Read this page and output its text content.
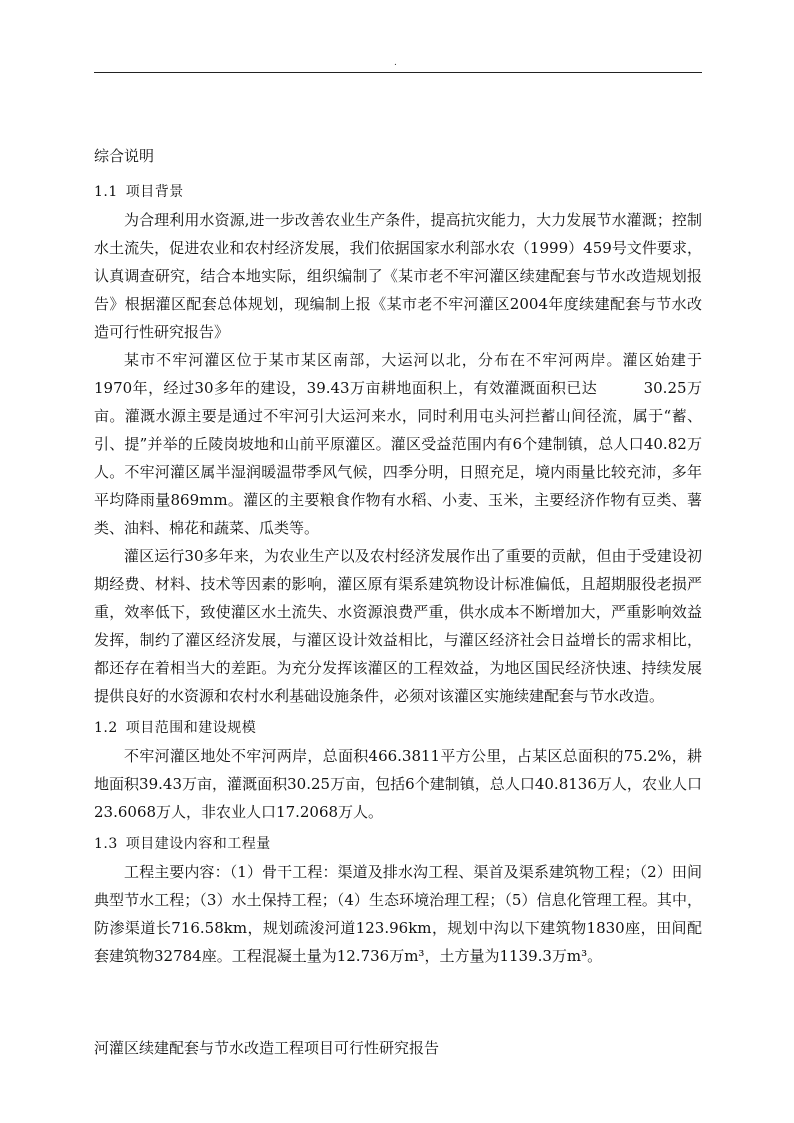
.
综合说明
1.1 项目背景

为合理利用水资源,进一步改善农业生产条件，提高抗灾能力，大力发展节水灌溉；控制水土流失，促进农业和农村经济发展，我们依据国家水利部水农（1999）459号文件要求，认真调查研究，结合本地实际，组织编制了《某市老不牢河灌区续建配套与节水改造规划报告》根据灌区配套总体规划，现编制上报《某市老不牢河灌区2004年度续建配套与节水改造可行性研究报告》

某市不牢河灌区位于某市某区南部，大运河以北，分布在不牢河两岸。灌区始建于1970年，经过30多年的建设，39.43万亩耕地面积上，有效灌溉面积已达　　　30.25万亩。灌溉水源主要是通过不牢河引大运河来水，同时利用屯头河拦蓄山间径流，属于“蓄、引、提”并举的丘陵岗坡地和山前平原灌区。灌区受益范围内有6个建制镇，总人口40.82万人。不牢河灌区属半湿润暖温带季风气候，四季分明，日照充足，境内雨量比较充沛，多年平均降雨量869mm。灌区的主要粮食作物有水稻、小麦、玉米，主要经济作物有豆类、薯类、油料、棉花和蔬菜、瓜类等。

灌区运行30多年来，为农业生产以及农村经济发展作出了重要的贡献，但由于受建设初期经费、材料、技术等因素的影响，灌区原有渠系建筑物设计标准偏低，且超期服役老损严重，效率低下，致使灌区水土流失、水资源浪费严重，供水成本不断增加大，严重影响效益发挥，制约了灌区经济发展，与灌区设计效益相比，与灌区经济社会日益增长的需求相比，都还存在着相当大的差距。为充分发挥该灌区的工程效益，为地区国民经济快速、持续发展提供良好的水资源和农村水利基础设施条件，必须对该灌区实施续建配套与节水改造。

1.2 项目范围和建设规模

不牢河灌区地处不牢河两岸，总面积466.3811平方公里，占某区总面积的75.2%，耕地面积39.43万亩，灌溉面积30.25万亩，包括6个建制镇，总人口40.8136万人，农业人口23.6068万人，非农业人口17.2068万人。

1.3 项目建设内容和工程量

工程主要内容：（1）骨干工程：渠道及排水沟工程、渠首及渠系建筑物工程；（2）田间典型节水工程；（3）水土保持工程；（4）生态环境治理工程；（5）信息化管理工程。其中，防渗渠道长716.58km，规划疏浚河道123.96km，规划中沟以下建筑物1830座，田间配套建筑物32784座。工程混凝土量为12.736万m³，土方量为1139.3万m³。

河灌区续建配套与节水改造工程项目可行性研究报告
